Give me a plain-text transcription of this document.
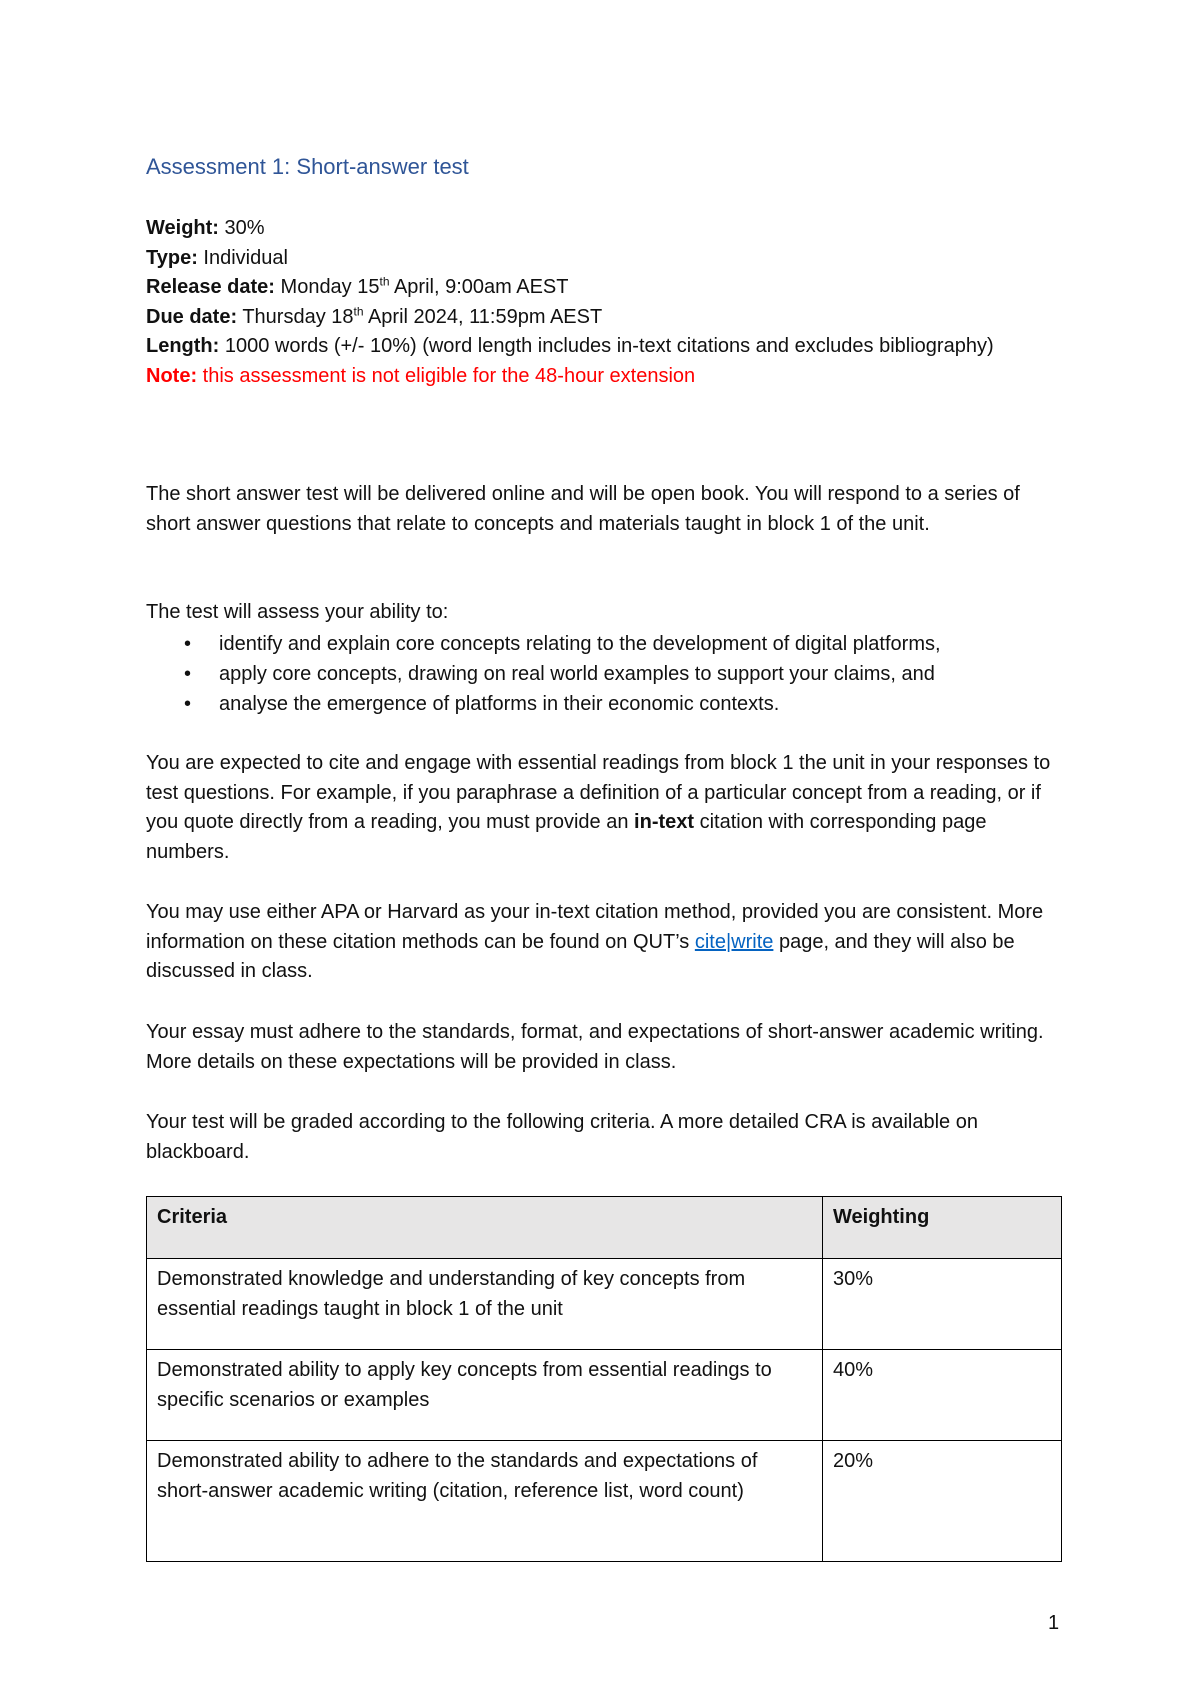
Assessment 1: Short-answer test
Weight: 30%
Type: Individual
Release date: Monday 15th April, 9:00am AEST
Due date: Thursday 18th April 2024, 11:59pm AEST
Length: 1000 words (+/- 10%) (word length includes in-text citations and excludes bibliography)
Note: this assessment is not eligible for the 48-hour extension

The short answer test will be delivered online and will be open book. You will respond to a series of short answer questions that relate to concepts and materials taught in block 1 of the unit.

The test will assess your ability to:

• identify and explain core concepts relating to the development of digital platforms,
• apply core concepts, drawing on real world examples to support your claims, and
• analyse the emergence of platforms in their economic contexts.

You are expected to cite and engage with essential readings from block 1 the unit in your responses to test questions. For example, if you paraphrase a definition of a particular concept from a reading, or if you quote directly from a reading, you must provide an in-text citation with corresponding page numbers.

You may use either APA or Harvard as your in-text citation method, provided you are consistent. More information on these citation methods can be found on QUT’s cite|write page, and they will also be discussed in class.

Your essay must adhere to the standards, format, and expectations of short-answer academic writing. More details on these expectations will be provided in class.

Your test will be graded according to the following criteria. A more detailed CRA is available on blackboard.

Criteria	Weighting
Demonstrated knowledge and understanding of key concepts from essential readings taught in block 1 of the unit	30%
Demonstrated ability to apply key concepts from essential readings to specific scenarios or examples	40%
Demonstrated ability to adhere to the standards and expectations of short-answer academic writing (citation, reference list, word count)	20%
1
